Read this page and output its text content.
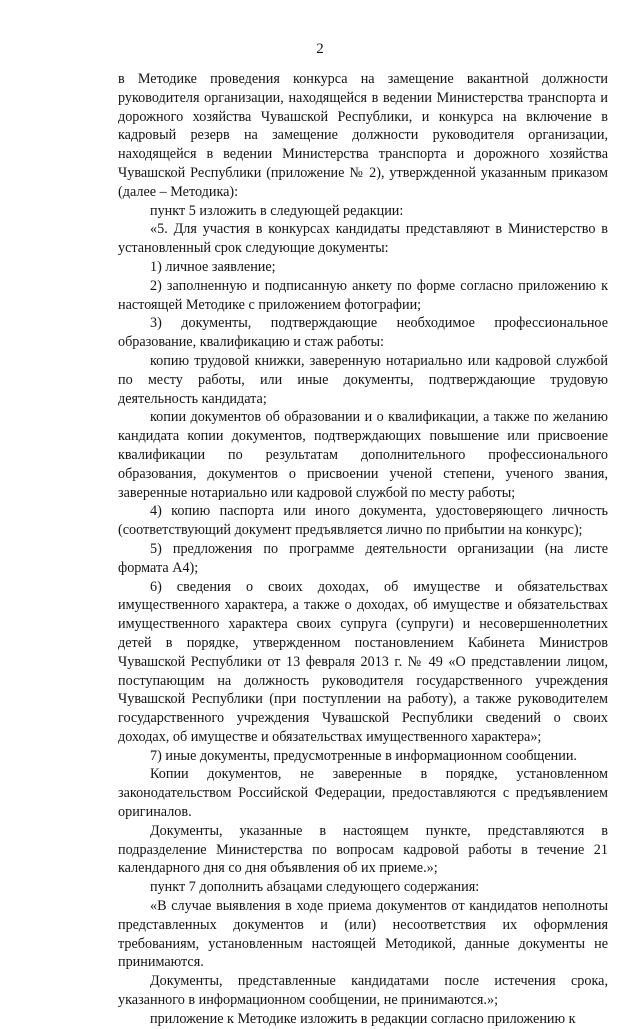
2

в Методике проведения конкурса на замещение вакантной должности руководителя организации, находящейся в ведении Министерства транспорта и дорожного хозяйства Чувашской Республики, и конкурса на включение в кадровый резерв на замещение должности руководителя организации, находящейся в ведении Министерства транспорта и дорожного хозяйства Чувашской Республики (приложение № 2), утвержденной указанным приказом (далее – Методика):

пункт 5 изложить в следующей редакции:

«5. Для участия в конкурсах кандидаты представляют в Министерство в установленный срок следующие документы:

1) личное заявление;

2) заполненную и подписанную анкету по форме согласно приложению к настоящей Методике с приложением фотографии;

3) документы, подтверждающие необходимое профессиональное образование, квалификацию и стаж работы:

копию трудовой книжки, заверенную нотариально или кадровой службой по месту работы, или иные документы, подтверждающие трудовую деятельность кандидата;

копии документов об образовании и о квалификации, а также по желанию кандидата копии документов, подтверждающих повышение или присвоение квалификации по результатам дополнительного профессионального образования, документов о присвоении ученой степени, ученого звания, заверенные нотариально или кадровой службой по месту работы;

4) копию паспорта или иного документа, удостоверяющего личность (соответствующий документ предъявляется лично по прибытии на конкурс);

5) предложения по программе деятельности организации (на листе формата А4);

6) сведения о своих доходах, об имуществе и обязательствах имущественного характера, а также о доходах, об имуществе и обязательствах имущественного характера своих супруга (супруги) и несовершеннолетних детей в порядке, утвержденном постановлением Кабинета Министров Чувашской Республики от 13 февраля 2013 г. № 49 «О представлении лицом, поступающим на должность руководителя государственного учреждения Чувашской Республики (при поступлении на работу), а также руководителем государственного учреждения Чувашской Республики сведений о своих доходах, об имуществе и обязательствах имущественного характера»;

7) иные документы, предусмотренные в информационном сообщении.

Копии документов, не заверенные в порядке, установленном законодательством Российской Федерации, предоставляются с предъявлением оригиналов.

Документы, указанные в настоящем пункте, представляются в подразделение Министерства по вопросам кадровой работы в течение 21 календарного дня со дня объявления об их приеме.»;

пункт 7 дополнить абзацами следующего содержания:

«В случае выявления в ходе приема документов от кандидатов неполноты представленных документов и (или) несоответствия их оформления требованиям, установленным настоящей Методикой, данные документы не принимаются.

Документы, представленные кандидатами после истечения срока, указанного в информационном сообщении, не принимаются.»;

приложение к Методике изложить в редакции согласно приложению к
